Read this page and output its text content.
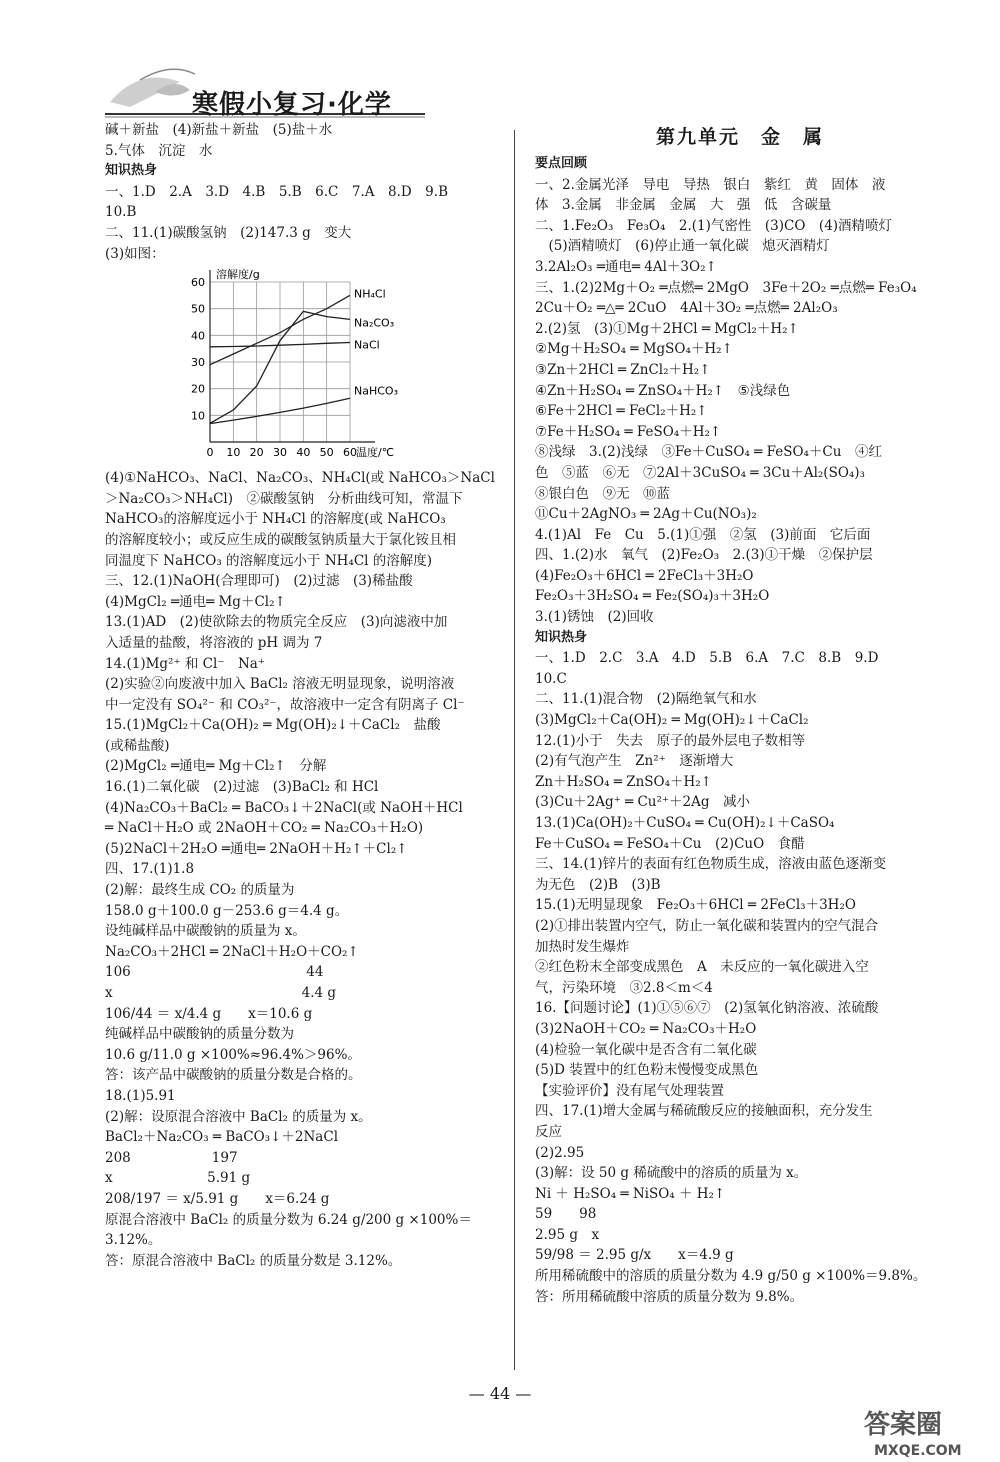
寒假小复习·化学
碱＋新盐　(4)新盐＋新盐　(5)盐＋水
5.气体　沉淀　水
知识热身
一、1.D　2.A　3.D　4.B　5.B　6.C　7.A　8.D　9.B
10.B
二、11.(1)碳酸氢钠　(2)147.3 g　变大
(3)如图：
0 10 20 30 40 50 60
10
20
30
40
50
60
溶解度/g
温度/℃
NH₄Cl
Na₂CO₃
NaCl
NaHCO₃
(4)①NaHCO₃、NaCl、Na₂CO₃、NH₄Cl(或 NaHCO₃＞NaCl
＞Na₂CO₃＞NH₄Cl)　②碳酸氢钠　分析曲线可知，常温下
NaHCO₃的溶解度远小于 NH₄Cl 的溶解度(或 NaHCO₃
的溶解度较小；或反应生成的碳酸氢钠质量大于氯化铵且相
同温度下 NaHCO₃ 的溶解度远小于 NH₄Cl 的溶解度)
三、12.(1)NaOH(合理即可)　(2)过滤　(3)稀盐酸
(4)MgCl₂ ═通电═ Mg＋Cl₂↑
13.(1)AD　(2)使欲除去的物质完全反应　(3)向滤液中加
入适量的盐酸，将溶液的 pH 调为 7
14.(1)Mg²⁺ 和 Cl⁻　Na⁺
(2)实验②向废液中加入 BaCl₂ 溶液无明显现象，说明溶液
中一定没有 SO₄²⁻ 和 CO₃²⁻，故溶液中一定含有阴离子 Cl⁻
15.(1)MgCl₂＋Ca(OH)₂ ═ Mg(OH)₂↓＋CaCl₂　盐酸
(或稀盐酸)
(2)MgCl₂ ═通电═ Mg＋Cl₂↑　分解
16.(1)二氧化碳　(2)过滤　(3)BaCl₂ 和 HCl
(4)Na₂CO₃＋BaCl₂ ═ BaCO₃↓＋2NaCl(或 NaOH＋HCl
═ NaCl＋H₂O 或 2NaOH＋CO₂ ═ Na₂CO₃＋H₂O)
(5)2NaCl＋2H₂O ═通电═ 2NaOH＋H₂↑＋Cl₂↑
四、17.(1)1.8
(2)解：最终生成 CO₂ 的质量为
158.0 g＋100.0 g－253.6 g＝4.4 g。
设纯碱样品中碳酸钠的质量为 x。
Na₂CO₃＋2HCl ═ 2NaCl＋H₂O＋CO₂↑
106　　　　　　　　　　　　　44
x　　　　　　　　　　　　　　4.4 g
106/44 ＝ x/4.4 g　　x＝10.6 g
纯碱样品中碳酸钠的质量分数为
10.6 g/11.0 g ×100%≈96.4%＞96%。
答：该产品中碳酸钠的质量分数是合格的。
18.(1)5.91
(2)解：设原混合溶液中 BaCl₂ 的质量为 x。
BaCl₂＋Na₂CO₃ ═ BaCO₃↓＋2NaCl
208　　　　　　197
x　　　　　　　5.91 g
208/197 ＝ x/5.91 g　　x＝6.24 g
原混合溶液中 BaCl₂ 的质量分数为 6.24 g/200 g ×100%＝3.12%。
答：原混合溶液中 BaCl₂ 的质量分数是 3.12%。
第九单元　金　属
要点回顾
一、2.金属光泽　导电　导热　银白　紫红　黄　固体　液
体　3.金属　非金属　金属　大　强　低　含碳量
二、1.Fe₂O₃　Fe₃O₄　2.(1)气密性　(3)CO　(4)酒精喷灯
　(5)酒精喷灯　(6)停止通一氧化碳　熄灭酒精灯
3.2Al₂O₃ ═通电═ 4Al＋3O₂↑
三、1.(2)2Mg＋O₂ ═点燃═ 2MgO　3Fe＋2O₂ ═点燃═ Fe₃O₄
2Cu＋O₂ ═△═ 2CuO　4Al＋3O₂ ═点燃═ 2Al₂O₃
2.(2)氢　(3)①Mg＋2HCl ═ MgCl₂＋H₂↑
②Mg＋H₂SO₄ ═ MgSO₄＋H₂↑
③Zn＋2HCl ═ ZnCl₂＋H₂↑
④Zn＋H₂SO₄ ═ ZnSO₄＋H₂↑　⑤浅绿色
⑥Fe＋2HCl ═ FeCl₂＋H₂↑
⑦Fe＋H₂SO₄ ═ FeSO₄＋H₂↑
⑧浅绿　3.(2)浅绿　③Fe＋CuSO₄ ═ FeSO₄＋Cu　④红
色　⑤蓝　⑥无　⑦2Al＋3CuSO₄ ═ 3Cu＋Al₂(SO₄)₃
⑧银白色　⑨无　⑩蓝
⑪Cu＋2AgNO₃ ═ 2Ag＋Cu(NO₃)₂
4.(1)Al　Fe　Cu　5.(1)①强　②氢　(3)前面　它后面
四、1.(2)水　氧气　(2)Fe₂O₃　2.(3)①干燥　②保护层
(4)Fe₂O₃＋6HCl ═ 2FeCl₃＋3H₂O
Fe₂O₃＋3H₂SO₄ ═ Fe₂(SO₄)₃＋3H₂O
3.(1)锈蚀　(2)回收
知识热身
一、1.D　2.C　3.A　4.D　5.B　6.A　7.C　8.B　9.D
10.C
二、11.(1)混合物　(2)隔绝氧气和水
(3)MgCl₂＋Ca(OH)₂ ═ Mg(OH)₂↓＋CaCl₂
12.(1)小于　失去　原子的最外层电子数相等
(2)有气泡产生　Zn²⁺　逐渐增大
Zn＋H₂SO₄ ═ ZnSO₄＋H₂↑
(3)Cu＋2Ag⁺ ═ Cu²⁺＋2Ag　减小
13.(1)Ca(OH)₂＋CuSO₄ ═ Cu(OH)₂↓＋CaSO₄
Fe＋CuSO₄ ═ FeSO₄＋Cu　(2)CuO　食醋
三、14.(1)锌片的表面有红色物质生成，溶液由蓝色逐渐变
为无色　(2)B　(3)B
15.(1)无明显现象　Fe₂O₃＋6HCl ═ 2FeCl₃＋3H₂O
(2)①排出装置内空气，防止一氧化碳和装置内的空气混合
加热时发生爆炸
②红色粉末全部变成黑色　A　未反应的一氧化碳进入空
气，污染环境　③2.8＜m＜4
16.【问题讨论】(1)①⑤⑥⑦　(2)氢氧化钠溶液、浓硫酸
(3)2NaOH＋CO₂ ═ Na₂CO₃＋H₂O
(4)检验一氧化碳中是否含有二氧化碳
(5)D 装置中的红色粉末慢慢变成黑色
【实验评价】没有尾气处理装置
四、17.(1)增大金属与稀硫酸反应的接触面积，充分发生
反应
(2)2.95
(3)解：设 50 g 稀硫酸中的溶质的质量为 x。
Ni ＋ H₂SO₄ ═ NiSO₄ ＋ H₂↑
59　　98
2.95 g　x
59/98 ＝ 2.95 g/x　　x＝4.9 g
所用稀硫酸中的溶质的质量分数为 4.9 g/50 g ×100%＝9.8%。
答：所用稀硫酸中溶质的质量分数为 9.8%。
— 44 —
答案圈
MXQE.COM
